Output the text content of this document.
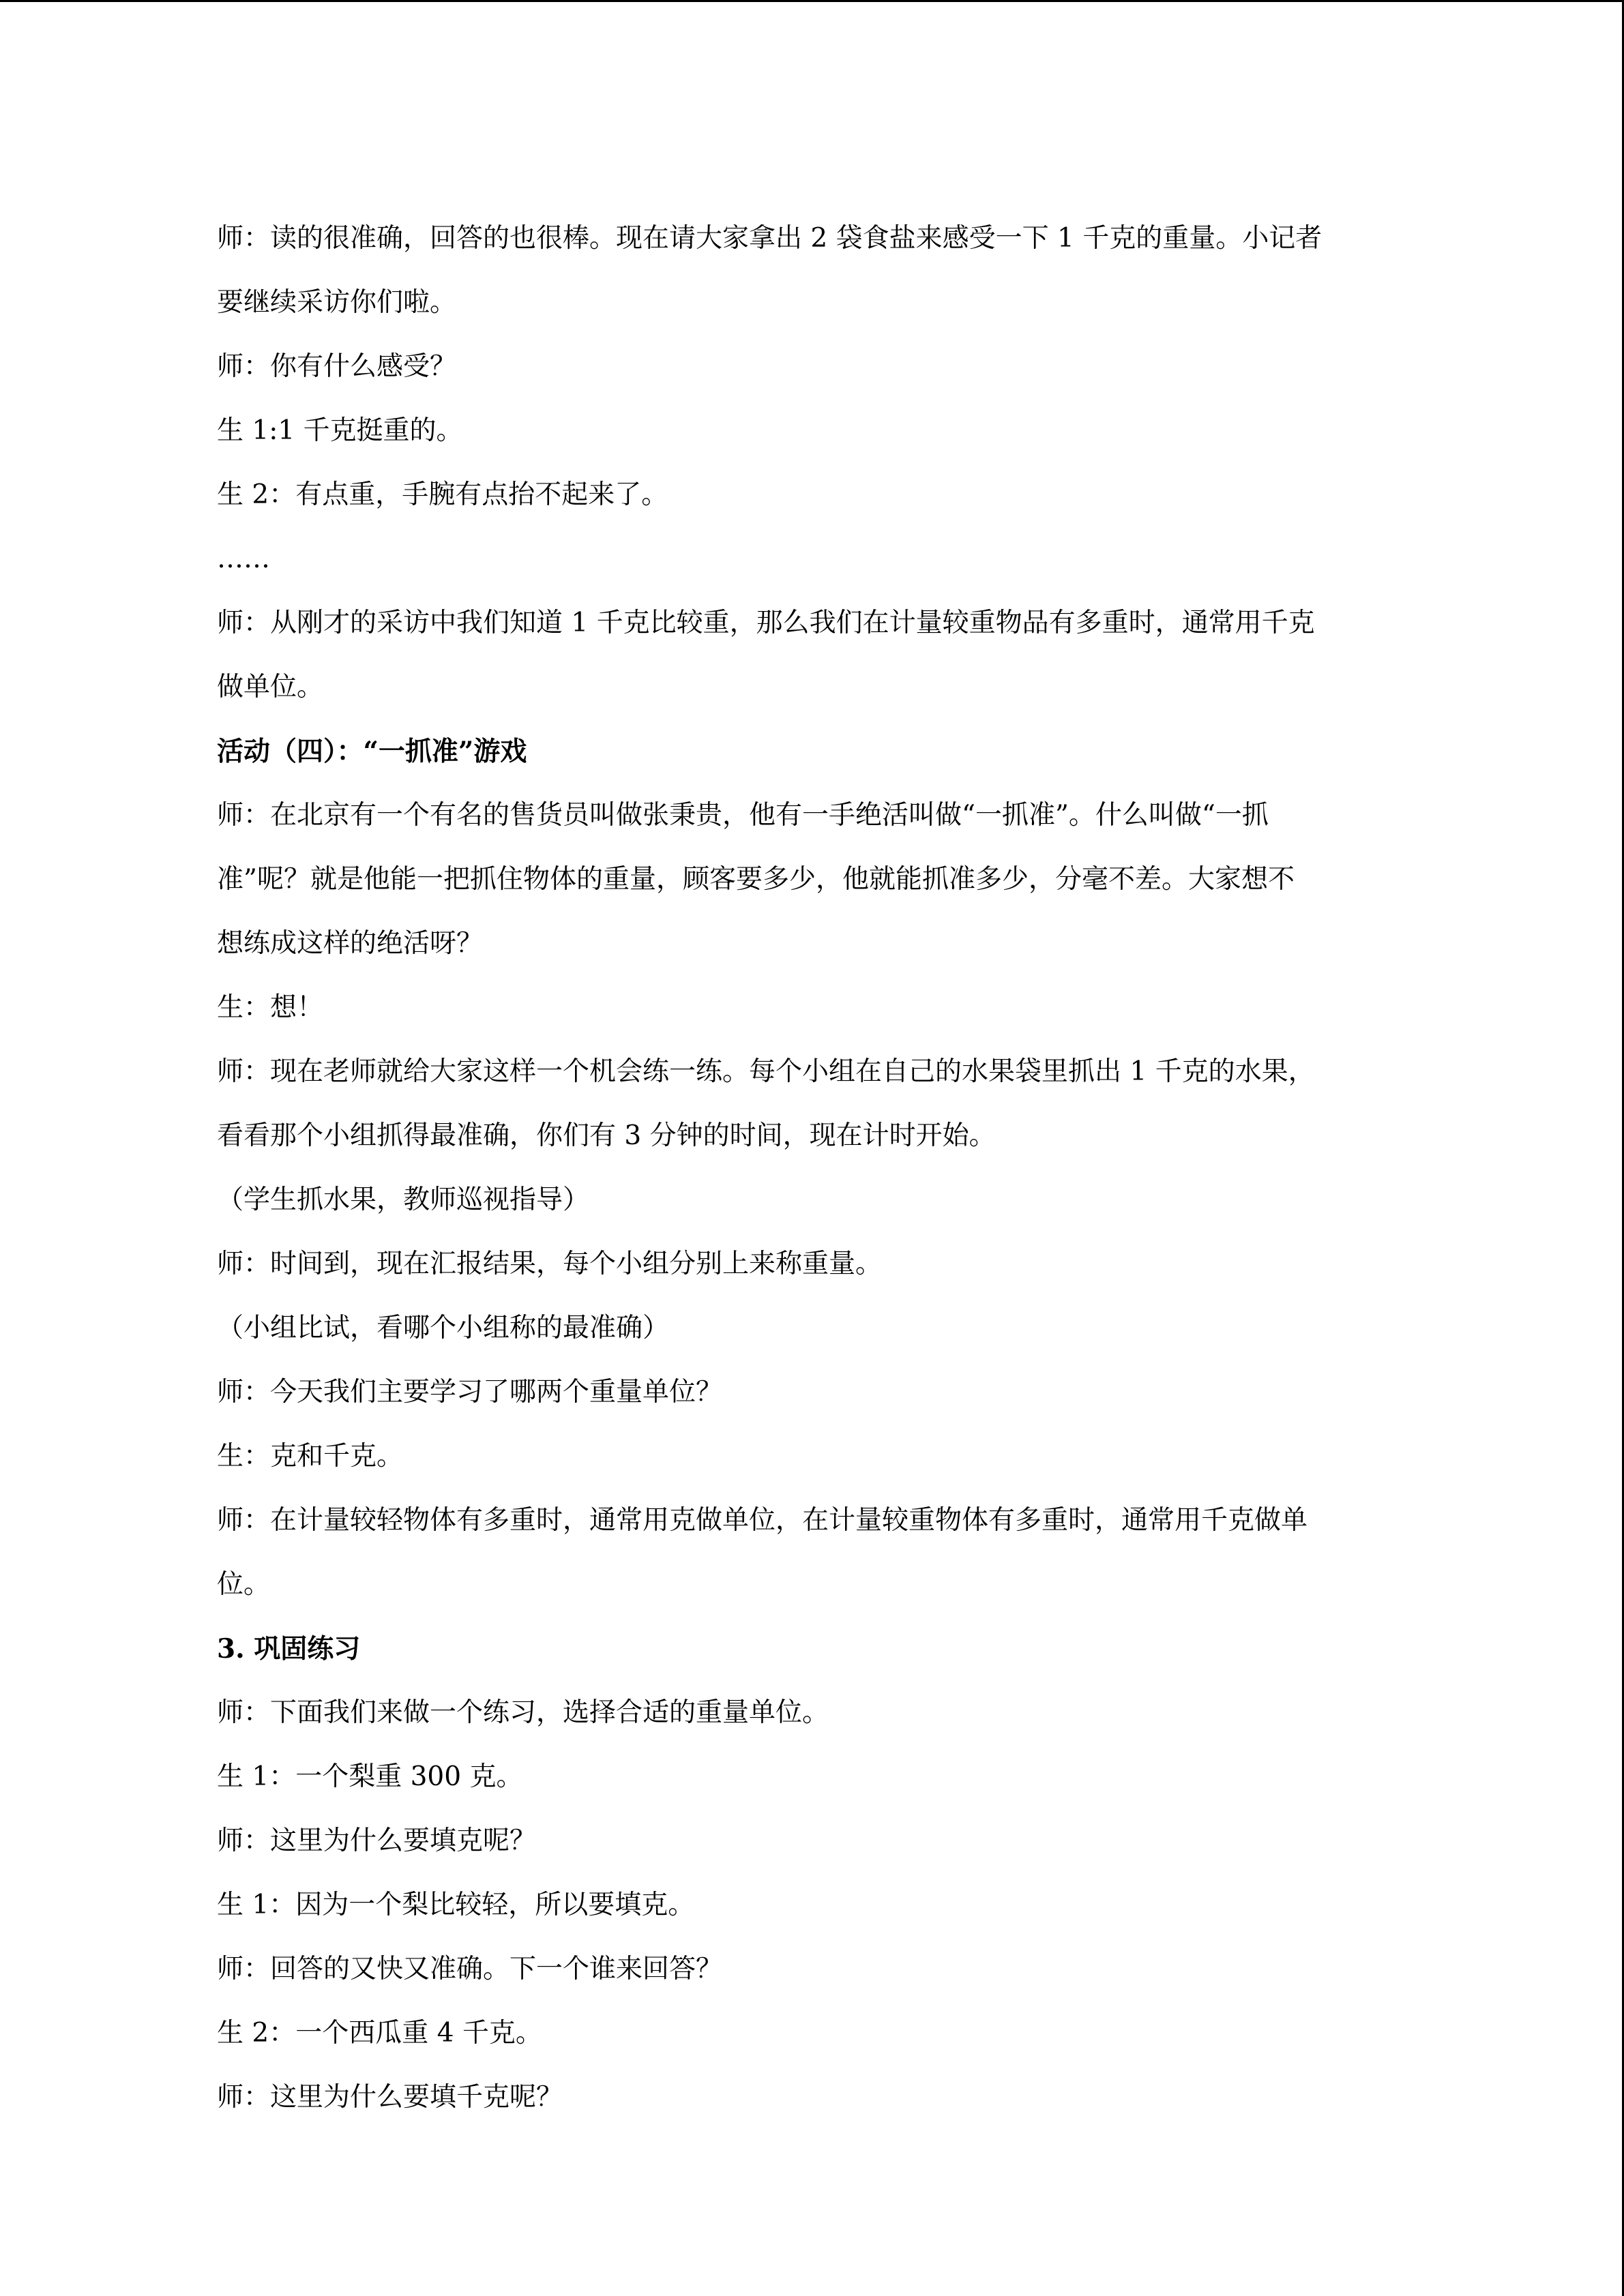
师：读的很准确，回答的也很棒。现在请大家拿出 2 袋食盐来感受一下 1 千克的重量。小记者
要继续采访你们啦。
师：你有什么感受？
生 1:1 千克挺重的。
生 2：有点重，手腕有点抬不起来了。
……
师：从刚才的采访中我们知道 1 千克比较重，那么我们在计量较重物品有多重时，通常用千克
做单位。
活动（四）：“一抓准”游戏
师：在北京有一个有名的售货员叫做张秉贵，他有一手绝活叫做“一抓准”。什么叫做“一抓
准”呢？就是他能一把抓住物体的重量，顾客要多少，他就能抓准多少，分毫不差。大家想不
想练成这样的绝活呀？
生：想！
师：现在老师就给大家这样一个机会练一练。每个小组在自己的水果袋里抓出 1 千克的水果，
看看那个小组抓得最准确，你们有 3 分钟的时间，现在计时开始。
（学生抓水果，教师巡视指导）
师：时间到，现在汇报结果，每个小组分别上来称重量。
（小组比试，看哪个小组称的最准确）
师：今天我们主要学习了哪两个重量单位？
生：克和千克。
师：在计量较轻物体有多重时，通常用克做单位，在计量较重物体有多重时，通常用千克做单
位。
3. 巩固练习
师：下面我们来做一个练习，选择合适的重量单位。
生 1：一个梨重 300 克。
师：这里为什么要填克呢？
生 1：因为一个梨比较轻，所以要填克。
师：回答的又快又准确。下一个谁来回答？
生 2：一个西瓜重 4 千克。
师：这里为什么要填千克呢？
